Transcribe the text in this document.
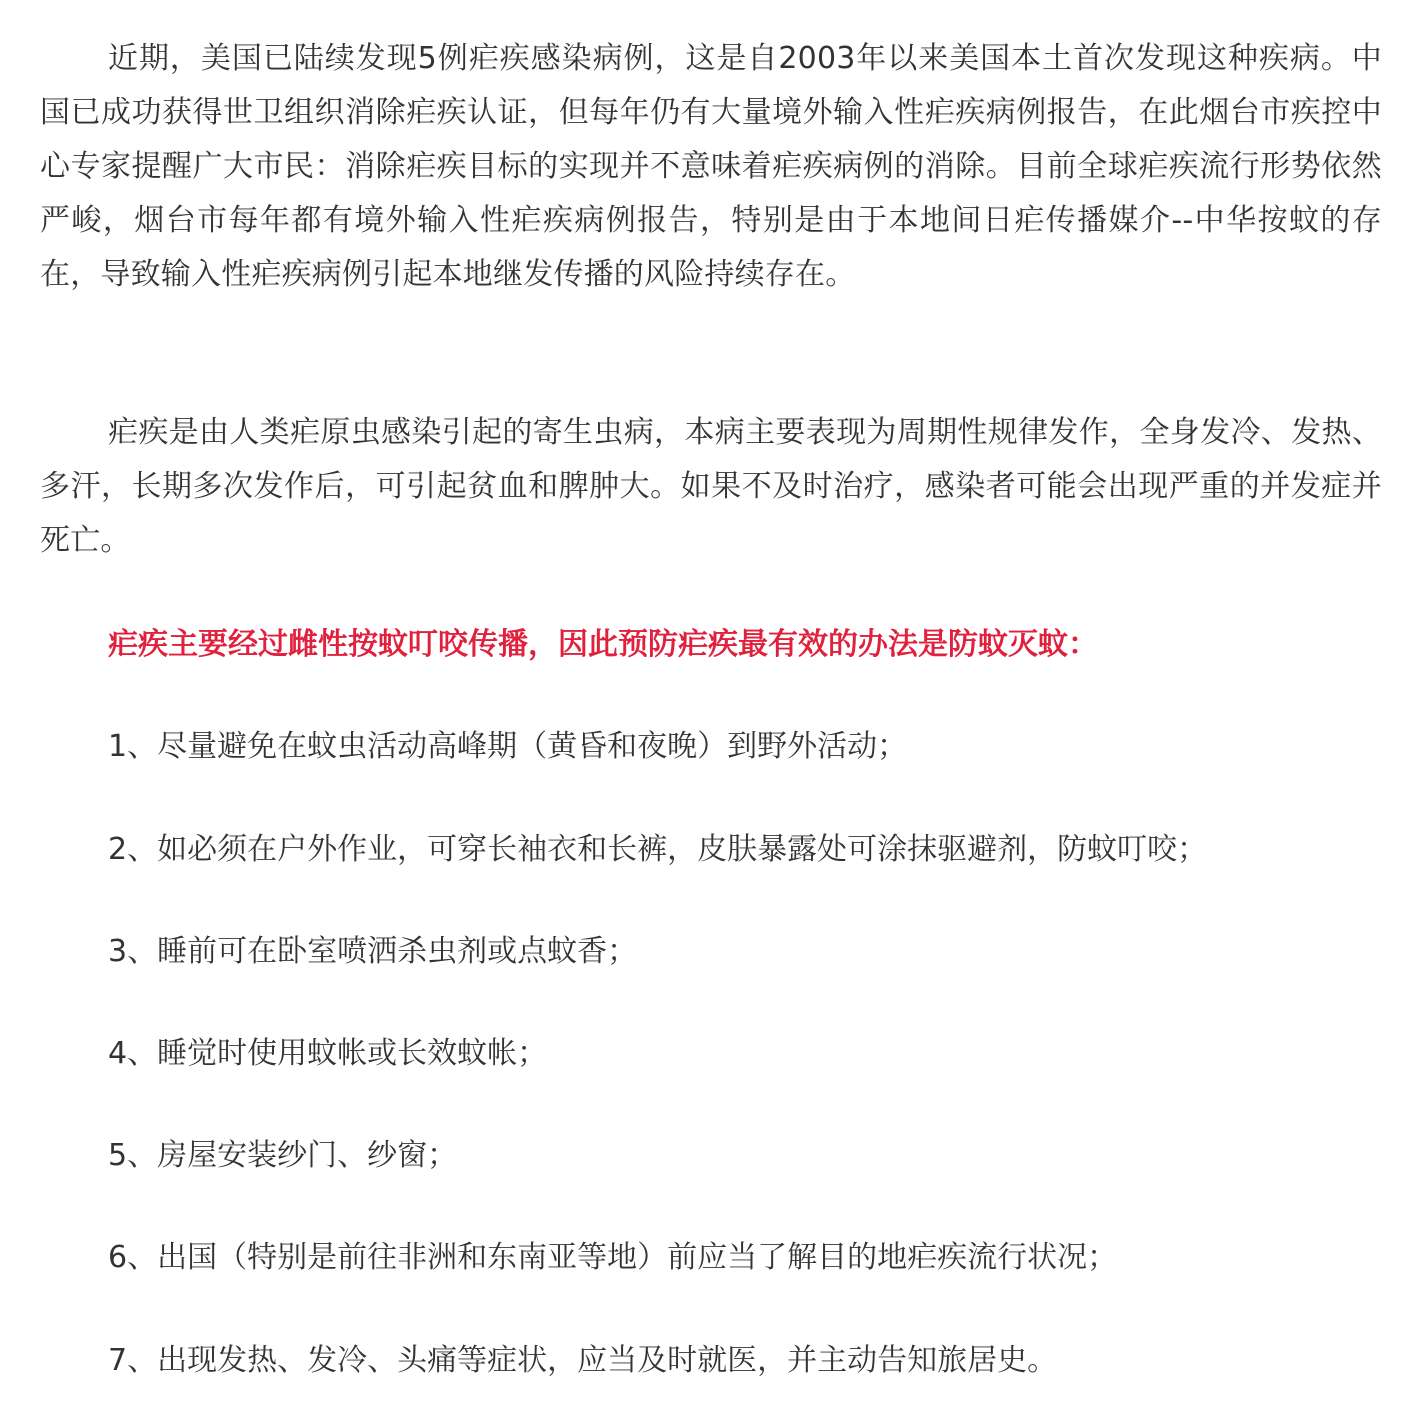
近期，美国已陆续发现5例疟疾感染病例，这是自2003年以来美国本土首次发现这种疾病。中国已成功获得世卫组织消除疟疾认证，但每年仍有大量境外输入性疟疾病例报告，在此烟台市疾控中心专家提醒广大市民：消除疟疾目标的实现并不意味着疟疾病例的消除。目前全球疟疾流行形势依然严峻，烟台市每年都有境外输入性疟疾病例报告，特别是由于本地间日疟传播媒介--中华按蚊的存在，导致输入性疟疾病例引起本地继发传播的风险持续存在。

疟疾是由人类疟原虫感染引起的寄生虫病，本病主要表现为周期性规律发作，全身发冷、发热、多汗，长期多次发作后，可引起贫血和脾肿大。如果不及时治疗，感染者可能会出现严重的并发症并死亡。

疟疾主要经过雌性按蚊叮咬传播，因此预防疟疾最有效的办法是防蚊灭蚊：

1、尽量避免在蚊虫活动高峰期（黄昏和夜晚）到野外活动；

2、如必须在户外作业，可穿长袖衣和长裤，皮肤暴露处可涂抹驱避剂，防蚊叮咬；

3、睡前可在卧室喷洒杀虫剂或点蚊香；

4、睡觉时使用蚊帐或长效蚊帐；

5、房屋安装纱门、纱窗；

6、出国（特别是前往非洲和东南亚等地）前应当了解目的地疟疾流行状况；

7、出现发热、发冷、头痛等症状，应当及时就医，并主动告知旅居史。
